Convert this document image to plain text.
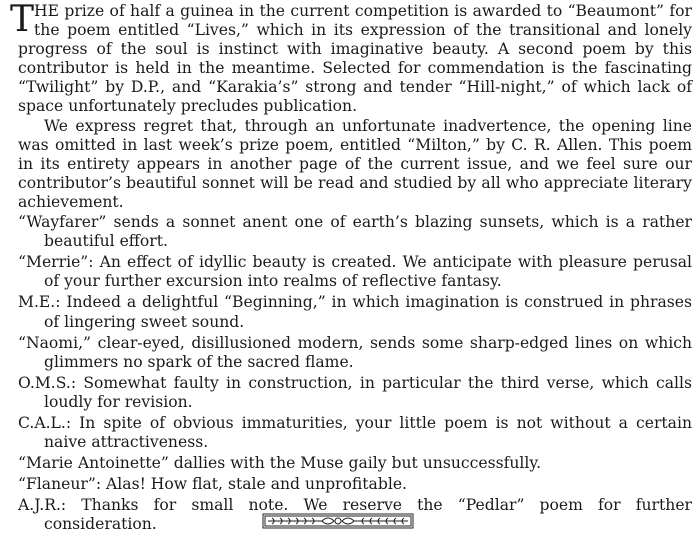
THE prize of half a guinea in the current competition is awarded to “Beaumont” for the poem entitled “Lives,” which in its expression of the transitional and lonely progress of the soul is instinct with imaginative beauty. A second poem by this contributor is held in the meantime. Selected for commendation is the fascinating “Twilight” by D.P., and “Karakia’s” strong and tender “Hill-night,” of which lack of space unfortunately precludes publication.

We express regret that, through an unfortunate inadvertence, the opening line was omitted in last week’s prize poem, entitled “Milton,” by C. R. Allen. This poem in its entirety appears in another page of the current issue, and we feel sure our contributor’s beautiful sonnet will be read and studied by all who appreciate literary achievement.

“Wayfarer” sends a sonnet anent one of earth’s blazing sunsets, which is a rather beautiful effort.

“Merrie”: An effect of idyllic beauty is created. We anticipate with pleasure perusal of your further excursion into realms of reflective fantasy.

M.E.: Indeed a delightful “Beginning,” in which imagination is construed in phrases of lingering sweet sound.

“Naomi,” clear-eyed, disillusioned modern, sends some sharp-edged lines on which glimmers no spark of the sacred flame.

O.M.S.: Somewhat faulty in construction, in particular the third verse, which calls loudly for revision.

C.A.L.: In spite of obvious immaturities, your little poem is not without a certain naive attractiveness.

“Marie Antoinette” dallies with the Muse gaily but unsuccessfully.

“Flaneur”: Alas! How flat, stale and unprofitable.

A.J.R.: Thanks for small note. We reserve the “Pedlar” poem for further consideration.
